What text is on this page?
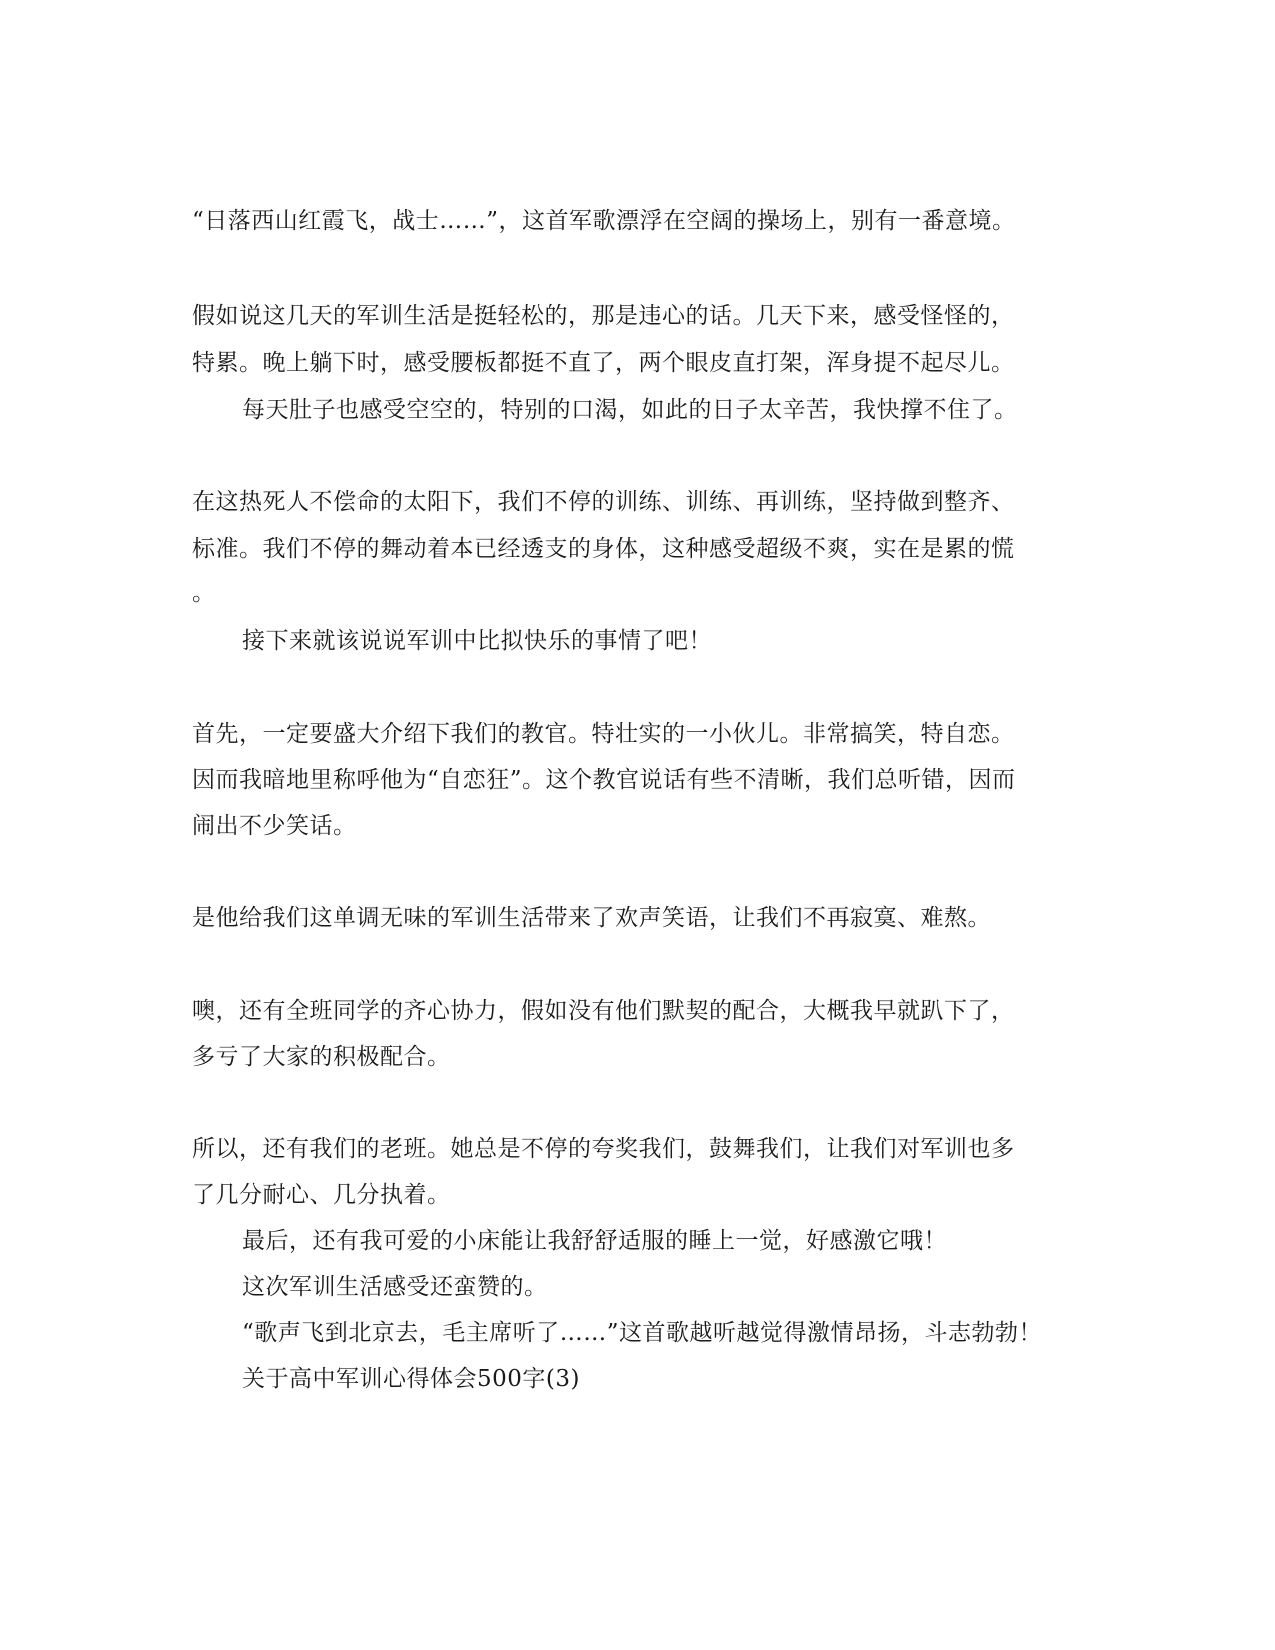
“日落西山红霞飞，战士……”，这首军歌漂浮在空阔的操场上，别有一番意境。
假如说这几天的军训生活是挺轻松的，那是违心的话。几天下来，感受怪怪的，
特累。晚上躺下时，感受腰板都挺不直了，两个眼皮直打架，浑身提不起尽儿。
每天肚子也感受空空的，特别的口渴，如此的日子太辛苦，我快撑不住了。
在这热死人不偿命的太阳下，我们不停的训练、训练、再训练，坚持做到整齐、
标准。我们不停的舞动着本已经透支的身体，这种感受超级不爽，实在是累的慌
。
接下来就该说说军训中比拟快乐的事情了吧！
首先，一定要盛大介绍下我们的教官。特壮实的一小伙儿。非常搞笑，特自恋。
因而我暗地里称呼他为“自恋狂”。这个教官说话有些不清晰，我们总听错，因而
闹出不少笑话。
是他给我们这单调无味的军训生活带来了欢声笑语，让我们不再寂寞、难熬。
噢，还有全班同学的齐心协力，假如没有他们默契的配合，大概我早就趴下了，
多亏了大家的积极配合。
所以，还有我们的老班。她总是不停的夸奖我们，鼓舞我们，让我们对军训也多
了几分耐心、几分执着。
最后，还有我可爱的小床能让我舒舒适服的睡上一觉，好感激它哦！
这次军训生活感受还蛮赞的。
“歌声飞到北京去，毛主席听了……”这首歌越听越觉得激情昂扬，斗志勃勃！
关于高中军训心得体会500字(3)
